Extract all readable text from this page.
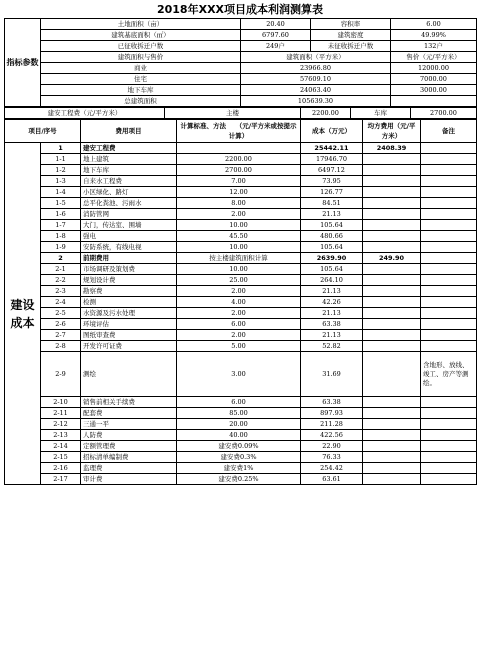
2018年XXX项目成本利润测算表
指标参数	土地面积（亩）	20.40	容积率	6.00
	建筑基底面积（㎡）	6797.60	建筑密度	49.99%
	已征收拆迁户数	249户	未征收拆迁户数	132户
	建筑面积与售价	建筑面积（平方米）		售价（元/平方米）
	商业	23966.80		12000.00
	住宅	57609.10		7000.00
	地下车库	24063.40		3000.00
	总建筑面积	105639.30		
建安工程费（元/平方米）	主楼	2200.00	车库	2700.00
项目/序号		费用项目	计算标准、方法　　（元/平方米或按提示计算）	成本（万元）	均方费用（元/平方米）	备注
建设成本	1	建安工程费		25442.11	2408.39	
	1-1	地上建筑	2200.00	17946.70		
	1-2	地下车库	2700.00	6497.12		
	1-3	自来水工程费	7.00	73.95		
	1-4	小区绿化、路灯	12.00	126.77		
	1-5	总平化粪池、污雨水	8.00	84.51		
	1-6	消防管网	2.00	21.13		
	1-7	大门，传达室、围墙	10.00	105.64		
	1-8	强电	45.50	480.66		
	1-9	安防系统，有线电视	10.00	105.64		
	2	前期费用	按主楼建筑面积计算	2639.90	249.90	
	2-1	市场调研及策划费	10.00	105.64		
	2-2	规划设计费	25.00	264.10		
	2-3	勘察费	2.00	21.13		
	2-4	检测	4.00	42.26		
	2-5	水资源及污水处理	2.00	21.13		
	2-6	环境评估	6.00	63.38		
	2-7	图纸审查费	2.00	21.13		
	2-8	开发许可证费	5.00	52.82		
	2-9	测绘	3.00	31.69		含地形、放线、竣工、房产等测绘。
	2-10	销售前相关手续费	6.00	63.38		
	2-11	配套费	85.00	897.93		
	2-12	三通一平	20.00	211.28		
	2-13	人防费	40.00	422.56		
	2-14	定额管理费	建安费0.09%	22.90		
	2-15	招标清单编制费	建安费0.3%	76.33		
	2-16	监理费	建安费1%	254.42		
	2-17	审计费	建安费0.25%	63.61		
